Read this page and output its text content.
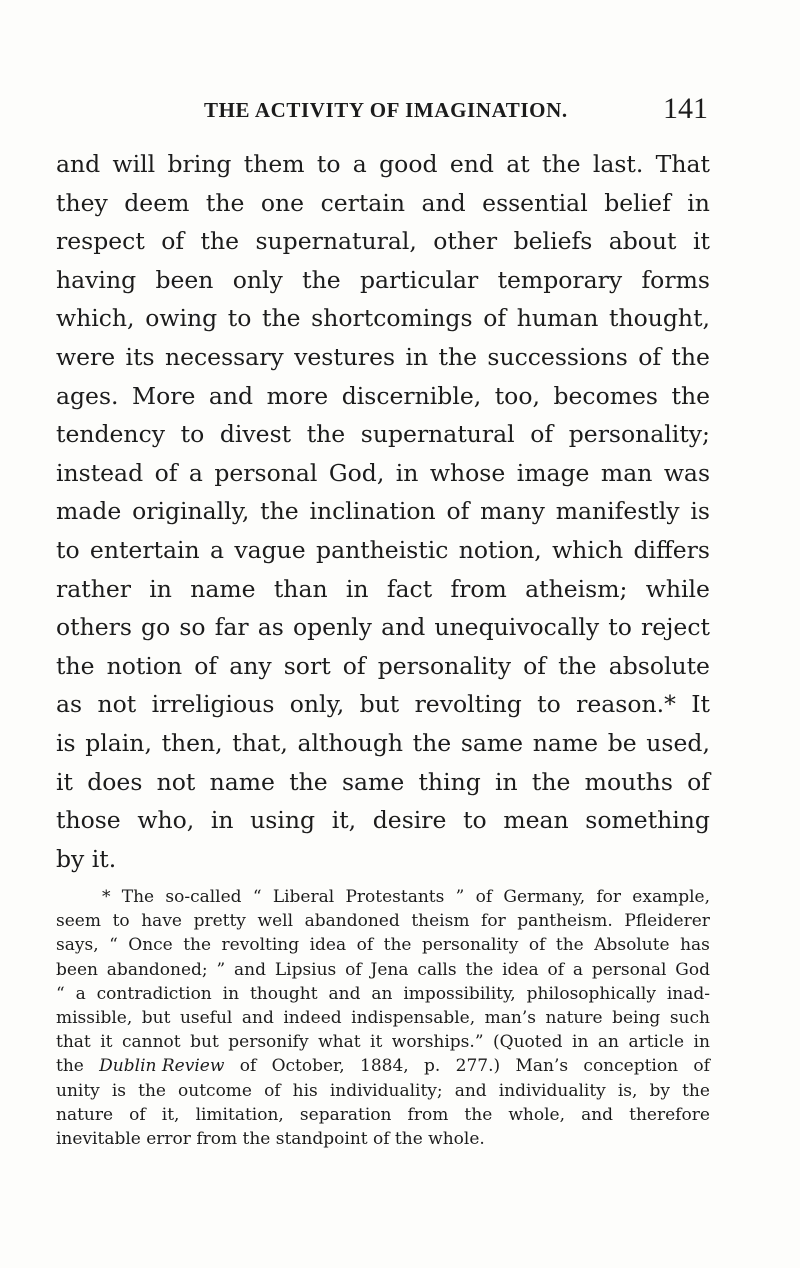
THE ACTIVITY OF IMAGINATION.	141
and will bring them to a good end at the last. That
they deem the one certain and essential belief in
respect of the supernatural, other beliefs about it
having been only the particular temporary forms
which, owing to the shortcomings of human thought,
were its necessary vestures in the successions of the
ages. More and more discernible, too, becomes the
tendency to divest the supernatural of personality;
instead of a personal God, in whose image man was
made originally, the inclination of many manifestly is
to entertain a vague pantheistic notion, which differs
rather in name than in fact from atheism; while
others go so far as openly and unequivocally to reject
the notion of any sort of personality of the absolute
as not irreligious only, but revolting to reason.* It
is plain, then, that, although the same name be used,
it does not name the same thing in the mouths of
those who, in using it, desire to mean something
by it.
* The so-called “ Liberal Protestants ” of Germany, for example,
seem to have pretty well abandoned theism for pantheism. Pfleiderer
says, “ Once the revolting idea of the personality of the Absolute has
been abandoned; ” and Lipsius of Jena calls the idea of a personal God
“ a contradiction in thought and an impossibility, philosophically inad-
missible, but useful and indeed indispensable, man’s nature being such
that it cannot but personify what it worships.” (Quoted in an article in
the Dublin Review of October, 1884, p. 277.) Man’s conception of
unity is the outcome of his individuality; and individuality is, by the
nature of it, limitation, separation from the whole, and therefore
inevitable error from the standpoint of the whole.
